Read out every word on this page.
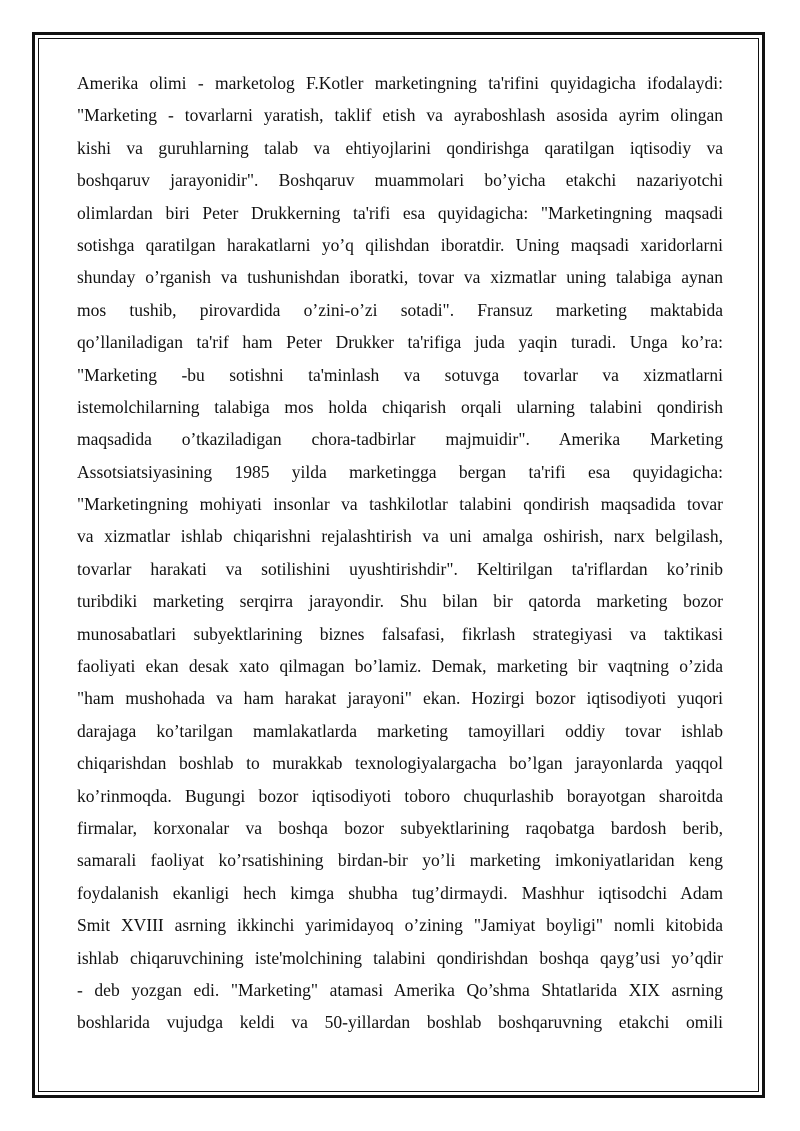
Amerika olimi - marketolog F.Kotler marketingning ta'rifini quyidagicha ifodalaydi:
"Marketing - tovarlarni yaratish, taklif etish va ayraboshlash asosida ayrim olingan
kishi va guruhlarning talab va ehtiyojlarini qondirishga qaratilgan iqtisodiy va
boshqaruv jarayonidir". Boshqaruv muammolari bo’yicha etakchi nazariyotchi
olimlardan biri Peter Drukkerning ta'rifi esa quyidagicha: "Marketingning maqsadi
sotishga qaratilgan harakatlarni yo’q qilishdan iboratdir. Uning maqsadi xaridorlarni
shunday o’rganish va tushunishdan iboratki, tovar va xizmatlar uning talabiga aynan
mos tushib, pirovardida o’zini-o’zi sotadi". Fransuz marketing maktabida
qo’llaniladigan ta'rif ham Peter Drukker ta'rifiga juda yaqin turadi. Unga ko’ra:
"Marketing -bu sotishni ta'minlash va sotuvga tovarlar va xizmatlarni
istemolchilarning talabiga mos holda chiqarish orqali ularning talabini qondirish
maqsadida o’tkaziladigan chora-tadbirlar majmuidir". Amerika Marketing
Assotsiatsiyasining 1985 yilda marketingga bergan ta'rifi esa quyidagicha:
"Marketingning mohiyati insonlar va tashkilotlar talabini qondirish maqsadida tovar
va xizmatlar ishlab chiqarishni rejalashtirish va uni amalga oshirish, narx belgilash,
tovarlar harakati va sotilishini uyushtirishdir". Keltirilgan ta'riflardan ko’rinib
turibdiki marketing serqirra jarayondir. Shu bilan bir qatorda marketing bozor
munosabatlari subyektlarining biznes falsafasi, fikrlash strategiyasi va taktikasi
faoliyati ekan desak xato qilmagan bo’lamiz. Demak, marketing bir vaqtning o’zida
"ham mushohada va ham harakat jarayoni" ekan. Hozirgi bozor iqtisodiyoti yuqori
darajaga ko’tarilgan mamlakatlarda marketing tamoyillari oddiy tovar ishlab
chiqarishdan boshlab to murakkab texnologiyalargacha bo’lgan jarayonlarda yaqqol
ko’rinmoqda. Bugungi bozor iqtisodiyoti toboro chuqurlashib borayotgan sharoitda
firmalar, korxonalar va boshqa bozor subyektlarining raqobatga bardosh berib,
samarali faoliyat ko’rsatishining birdan-bir yo’li marketing imkoniyatlaridan keng
foydalanish ekanligi hech kimga shubha tug’dirmaydi. Mashhur iqtisodchi Adam
Smit XVIII asrning ikkinchi yarimidayoq o’zining "Jamiyat boyligi" nomli kitobida
ishlab chiqaruvchining iste'molchining talabini qondirishdan boshqa qayg’usi yo’qdir
- deb yozgan edi. "Marketing" atamasi Amerika Qo’shma Shtatlarida XIX asrning
boshlarida vujudga keldi va 50-yillardan boshlab boshqaruvning etakchi omili
